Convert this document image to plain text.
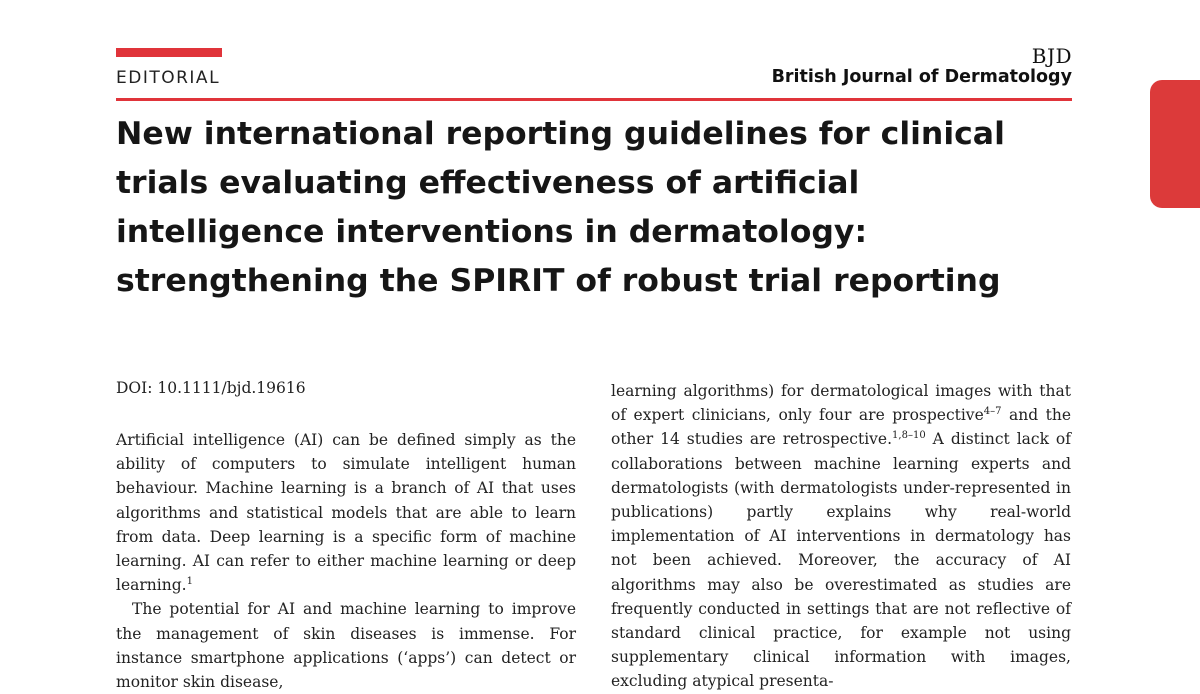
EDITORIAL
BJD
British Journal of Dermatology
New international reporting guidelines for clinical trials evaluating effectiveness of artificial intelligence interventions in dermatology: strengthening the SPIRIT of robust trial reporting
DOI: 10.1111/bjd.19616

Artificial intelligence (AI) can be defined simply as the ability of computers to simulate intelligent human behaviour. Machine learning is a branch of AI that uses algorithms and statistical models that are able to learn from data. Deep learning is a specific form of machine learning. AI can refer to either machine learning or deep learning.$^1$

The potential for AI and machine learning to improve the management of skin diseases is immense. For instance smartphone applications (‘apps’) can detect or monitor skin disease,

learning algorithms) for dermatological images with that of expert clinicians, only four are prospective$^{4-7}$ and the other 14 studies are retrospective.$^{1,8-10}$ A distinct lack of collaborations between machine learning experts and dermatologists (with dermatologists under-represented in publications) partly explains why real-world implementation of AI interventions in dermatology has not been achieved. Moreover, the accuracy of AI algorithms may also be overestimated as studies are frequently conducted in settings that are not reflective of standard clinical practice, for example not using supplementary clinical information with images, excluding atypical presenta-
